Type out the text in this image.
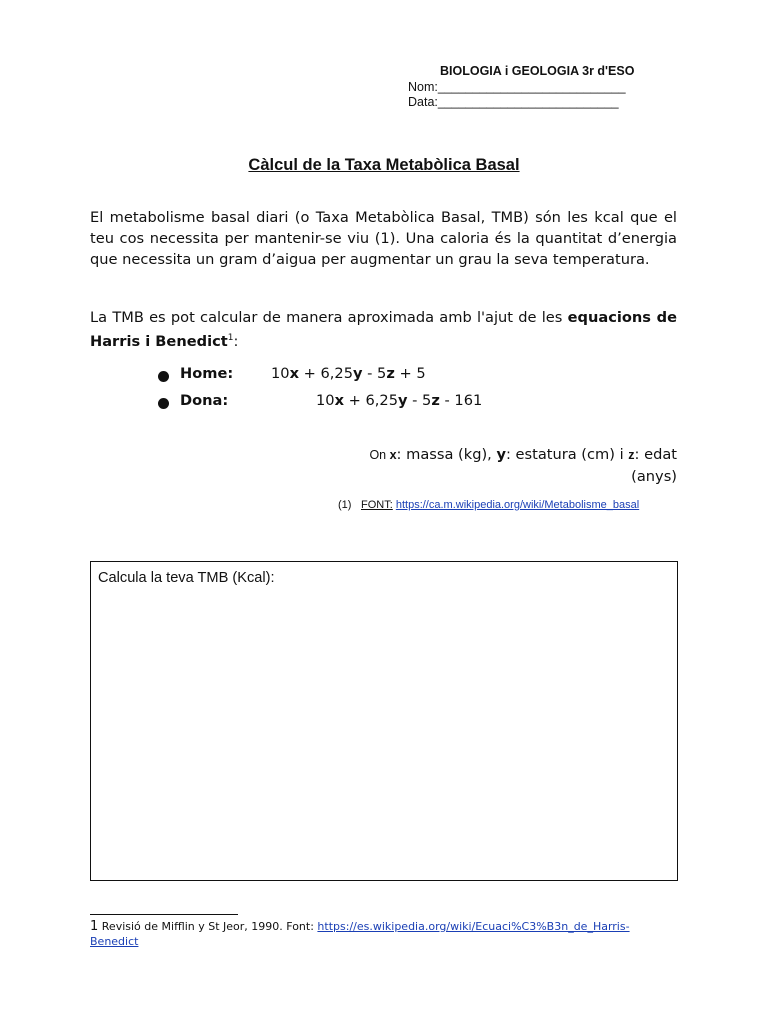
BIOLOGIA i GEOLOGIA 3r d'ESO
Nom:___________________________
Data:__________________________
Càlcul de la Taxa Metabòlica Basal
El metabolisme basal diari (o Taxa Metabòlica Basal, TMB) són les kcal que el teu cos necessita per mantenir-se viu (1). Una caloria és la quantitat d’energia que necessita un gram d’aigua per augmentar un grau la seva temperatura.
La TMB es pot calcular de manera aproximada amb l'ajut de les equacions de Harris i Benedict$^1$:
Home:	10x + 6,25y - 5z + 5
Dona:	10x + 6,25y - 5z - 161
On x: massa (kg), y: estatura (cm) i z: edat (anys)
(1) FONT: https://ca.m.wikipedia.org/wiki/Metabolisme_basal
Calcula la teva TMB (Kcal):
1 Revisió de Mifflin y St Jeor, 1990. Font: https://es.wikipedia.org/wiki/Ecuaci%C3%B3n_de_Harris-Benedict
